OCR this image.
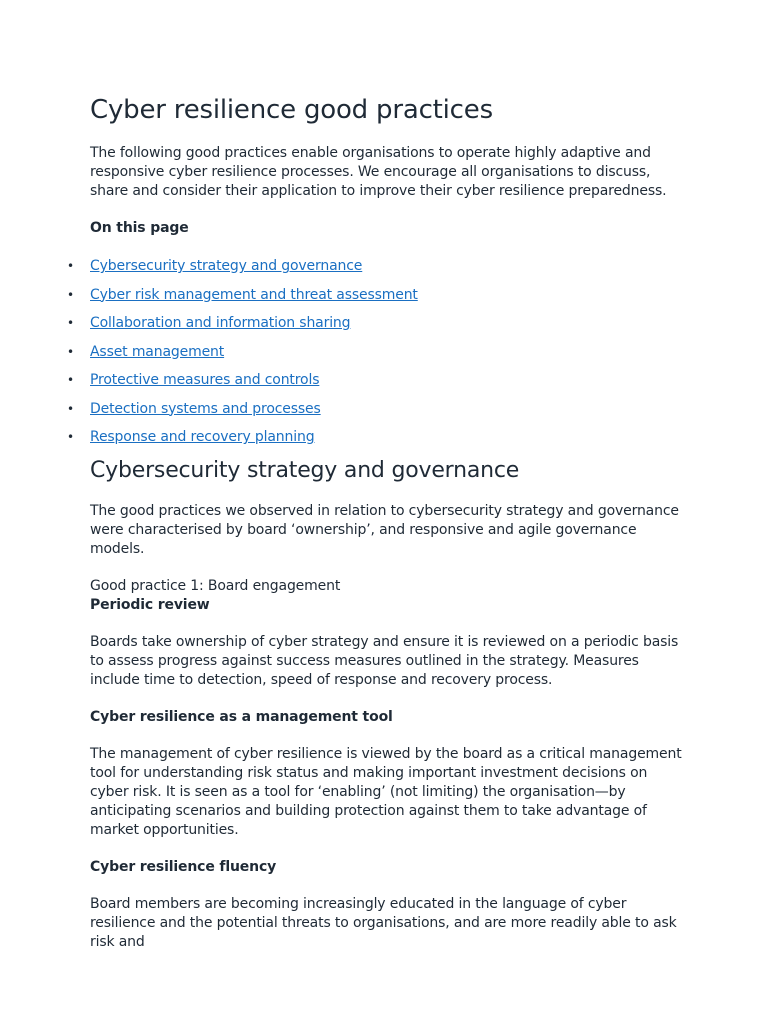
Cyber resilience good practices

The following good practices enable organisations to operate highly adaptive and responsive cyber resilience processes. We encourage all organisations to discuss, share and consider their application to improve their cyber resilience preparedness.

On this page

• Cybersecurity strategy and governance
• Cyber risk management and threat assessment
• Collaboration and information sharing
• Asset management
• Protective measures and controls
• Detection systems and processes
• Response and recovery planning
Cybersecurity strategy and governance

The good practices we observed in relation to cybersecurity strategy and governance were characterised by board ‘ownership’, and responsive and agile governance models.

Good practice 1: Board engagement

Periodic review

Boards take ownership of cyber strategy and ensure it is reviewed on a periodic basis to assess progress against success measures outlined in the strategy. Measures include time to detection, speed of response and recovery process.

Cyber resilience as a management tool

The management of cyber resilience is viewed by the board as a critical management tool for understanding risk status and making important investment decisions on cyber risk. It is seen as a tool for ‘enabling’ (not limiting) the organisation—by anticipating scenarios and building protection against them to take advantage of market opportunities.

Cyber resilience fluency

Board members are becoming increasingly educated in the language of cyber resilience and the potential threats to organisations, and are more readily able to ask risk and
